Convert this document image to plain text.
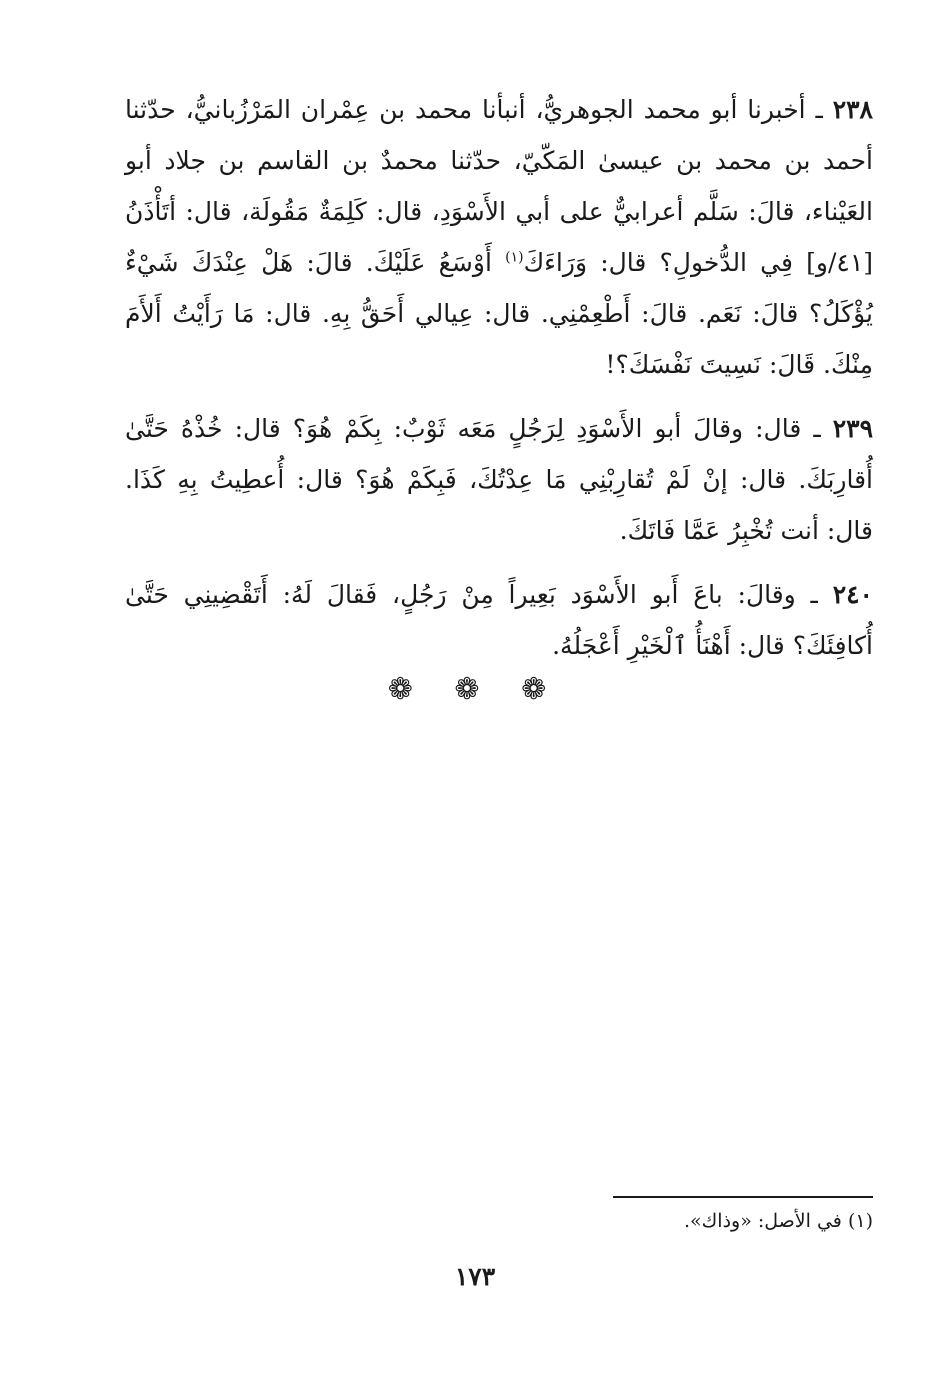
٢٣٨ ـ أخبرنا أبو محمد الجوهريُّ، أنبأنا محمد بن عِمْران المَرْزُبانيُّ، حدّثنا أحمد بن محمد بن عيسىٰ المَكّيّ، حدّثنا محمدٌ بن القاسم بن جلاد أبو العَيْناء، قالَ: سَلَّم أعرابيٌّ على أبي الأَسْوَدِ، قال: كَلِمَةٌ مَقُولَة، قال: أتَأْذَنُ [٤١/و] فِي الدُّخولِ؟ قال: وَرَاءَكَ$^{(١)}$ أَوْسَعُ عَلَيْكَ. قالَ: هَلْ عِنْدَكَ شَيْءٌ يُؤْكَلُ؟ قالَ: نَعَم. قالَ: أَطْعِمْنِي. قال: عِيالي أَحَقُّ بِهِ. قال: مَا رَأَيْتُ أَلأَمَ مِنْكَ. قَالَ: نَسِيتَ نَفْسَكَ؟!

٢٣٩ ـ قال: وقالَ أبو الأَسْوَدِ لِرَجُلٍ مَعَه ثَوْبٌ: بِكَمْ هُوَ؟ قال: خُذْهُ حَتَّىٰ أُقارِبَكَ. قال: إنْ لَمْ تُقارِبْنِي مَا عِدْتُكَ، فَبِكَمْ هُوَ؟ قال: أُعطِيتُ بِهِ كَذَا. قال: أنت تُخْبِرُ عَمَّا فَاتَكَ.

٢٤٠ ـ وقالَ: باعَ أَبو الأَسْوَد بَعِيراً مِنْ رَجُلٍ، فَقالَ لَهُ: أَتَقْضِينِي حَتَّىٰ أُكافِئَكَ؟ قال: أَهْنَأُ ٱلْخَيْرِ أَعْجَلُهُ.

❁ ❁ ❁
(١) في الأصل: «وذاك».
١٧٣
